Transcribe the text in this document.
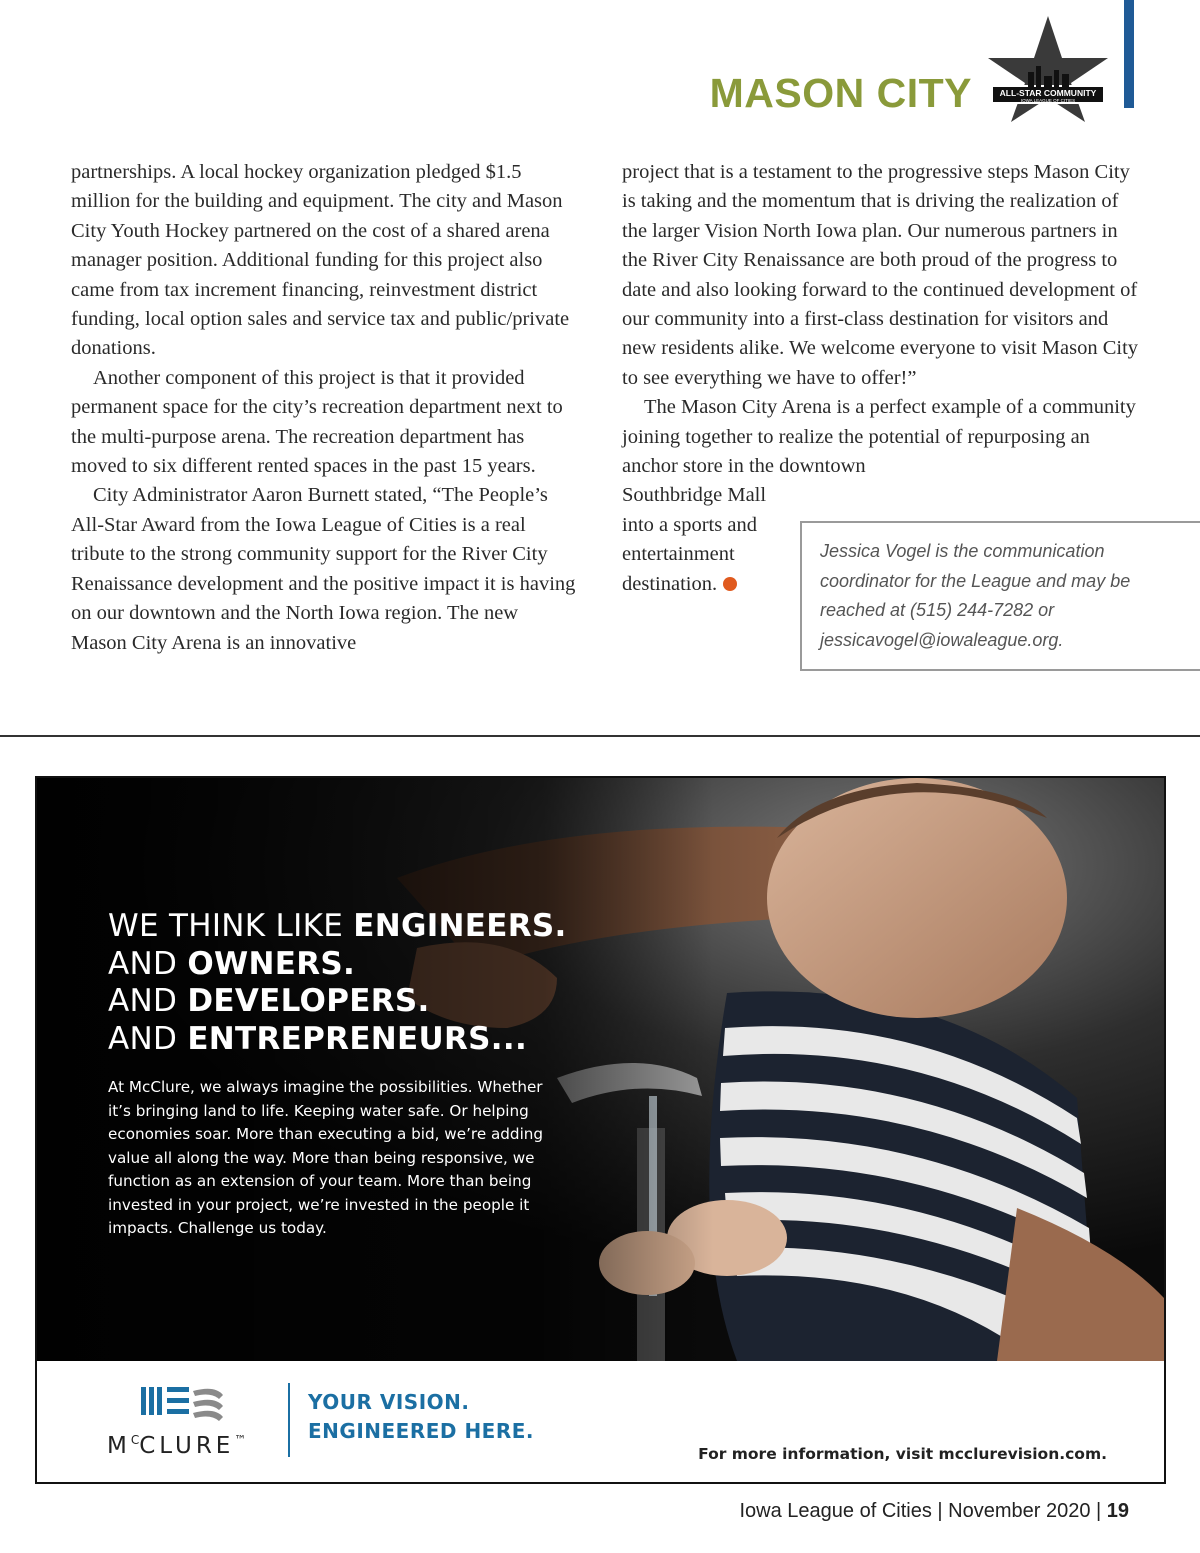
MASON CITY	ALL-STAR COMMUNITY
IOWA LEAGUE OF CITIES

partnerships. A local hockey organization pledged $1.5 million for the building and equipment. The city and Mason City Youth Hockey partnered on the cost of a shared arena manager position. Additional funding for this project also came from tax increment financing, reinvestment district funding, local option sales and service tax and public/private donations.

Another component of this project is that it provided permanent space for the city’s recreation department next to the multi-purpose arena. The recreation department has moved to six different rented spaces in the past 15 years.

City Administrator Aaron Burnett stated, “The People’s All-Star Award from the Iowa League of Cities is a real tribute to the strong community support for the River City Renaissance development and the positive impact it is having on our downtown and the North Iowa region. The new Mason City Arena is an innovative

project that is a testament to the progressive steps Mason City is taking and the momentum that is driving the realization of the larger Vision North Iowa plan. Our numerous partners in the River City Renaissance are both proud of the progress to date and also looking forward to the continued development of our community into a first-class destination for visitors and new residents alike. We welcome everyone to visit Mason City to see everything we have to offer!”

The Mason City Arena is a perfect example of a community joining together to realize the potential of repurposing an anchor store in the downtown

Southbridge Mall
into a sports and
entertainment
destination.
Jessica Vogel is the communication coordinator for the League and may be reached at (515) 244-7282 or jessicavogel@iowaleague.org.
WE THINK LIKE ENGINEERS.
AND OWNERS.
AND DEVELOPERS.
AND ENTREPRENEURS...
At McClure, we always imagine the possibilities. Whether it’s bringing land to life. Keeping water safe. Or helping economies soar. More than executing a bid, we’re adding value all along the way. More than being responsive, we function as an extension of your team. More than being invested in your project, we’re invested in the people it impacts. Challenge us today.
$M^CCLURE™$
YOUR VISION.
ENGINEERED HERE.
For more information, visit mcclurevision.com.
Iowa League of Cities | November 2020 | 19
